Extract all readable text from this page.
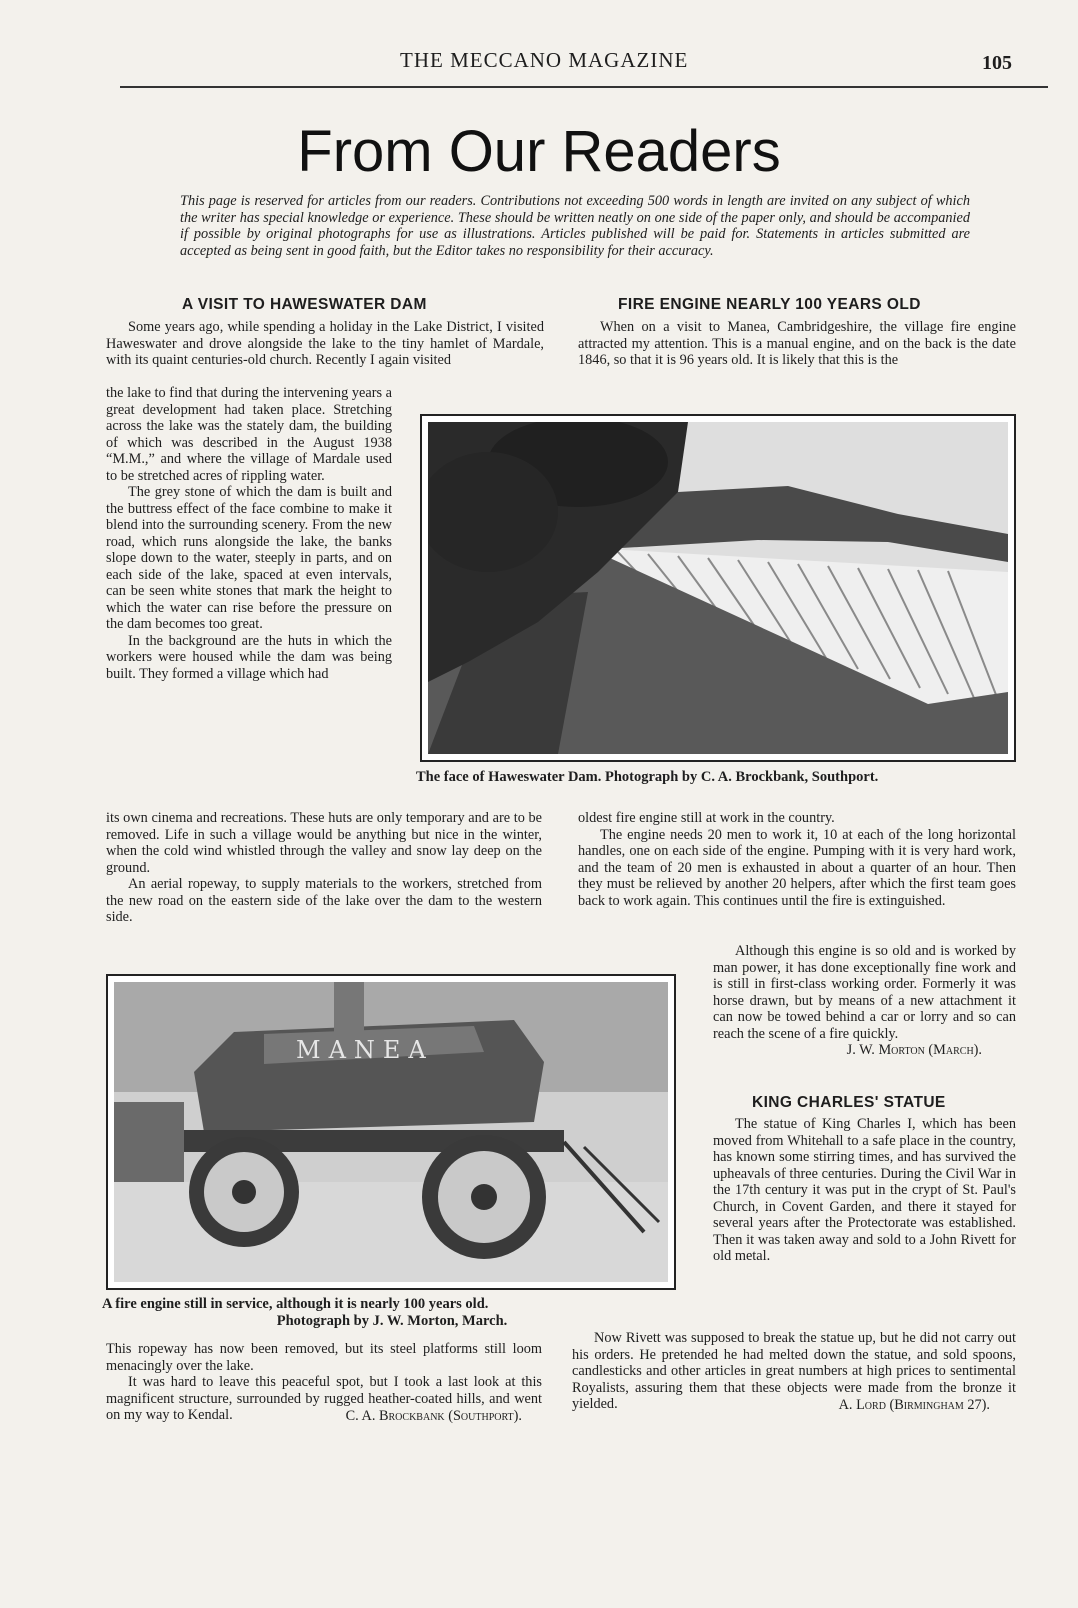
THE MECCANO MAGAZINE	105
From Our Readers
This page is reserved for articles from our readers. Contributions not exceeding 500 words in length are invited on any subject of which the writer has special knowledge or experience. These should be written neatly on one side of the paper only, and should be accompanied if possible by original photographs for use as illustrations. Articles published will be paid for. Statements in articles submitted are accepted as being sent in good faith, but the Editor takes no responsibility for their accuracy.
A VISIT TO HAWESWATER DAM	FIRE ENGINE NEARLY 100 YEARS OLD

Some years ago, while spending a holiday in the Lake District, I visited Haweswater and drove alongside the lake to the tiny hamlet of Mardale, with its quaint centuries-old church. Recently I again visited

the lake to find that during the intervening years a great development had taken place. Stretching across the lake was the stately dam, the building of which was described in the August 1938 “M.M.,” and where the village of Mardale used to be stretched acres of rippling water.

The grey stone of which the dam is built and the buttress effect of the face combine to make it blend into the surrounding scenery. From the new road, which runs alongside the lake, the banks slope down to the water, steeply in parts, and on each side of the lake, spaced at even intervals, can be seen white stones that mark the height to which the water can rise before the pressure on the dam becomes too great.

In the background are the huts in which the workers were housed while the dam was being built. They formed a village which had

its own cinema and recreations. These huts are only temporary and are to be removed. Life in such a village would be anything but nice in the winter, when the cold wind whistled through the valley and snow lay deep on the ground.

An aerial ropeway, to supply materials to the workers, stretched from the new road on the eastern side of the lake over the dam to the western side.

When on a visit to Manea, Cambridgeshire, the village fire engine attracted my attention. This is a manual engine, and on the back is the date 1846, so that it is 96 years old. It is likely that this is the

The face of Haweswater Dam. Photograph by C. A. Brockbank, Southport.

oldest fire engine still at work in the country.

The engine needs 20 men to work it, 10 at each of the long horizontal handles, one on each side of the engine. Pumping with it is very hard work, and the team of 20 men is exhausted in about a quarter of an hour. Then they must be relieved by another 20 helpers, after which the first team goes back to work again. This continues until the fire is extinguished.

Although this engine is so old and is worked by man power, it has done exceptionally fine work and is still in first-class working order. Formerly it was horse drawn, but by means of a new attachment it can now be towed behind a car or lorry and so can reach the scene of a fire quickly.

J. W. Morton (March).
MANEA
A fire engine still in service, although it is nearly 100 years old.
Photograph by J. W. Morton, March.
KING CHARLES' STATUE

The statue of King Charles I, which has been moved from Whitehall to a safe place in the country, has known some stirring times, and has survived the upheavals of three centuries. During the Civil War in the 17th century it was put in the crypt of St. Paul's Church, in Covent Garden, and there it stayed for several years after the Protectorate was established. Then it was taken away and sold to a John Rivett for old metal.

Now Rivett was supposed to break the statue up, but he did not carry out his orders. He pretended he had melted down the statue, and sold spoons, candlesticks and other articles in great numbers at high prices to sentimental Royalists, assuring them that these objects were made from the bronze it yielded.	A. Lord (Birmingham 27).

This ropeway has now been removed, but its steel platforms still loom menacingly over the lake.

It was hard to leave this peaceful spot, but I took a last look at this magnificent structure, surrounded by rugged heather-coated hills, and went on my way to Kendal.	C. A. Brockbank (Southport).
